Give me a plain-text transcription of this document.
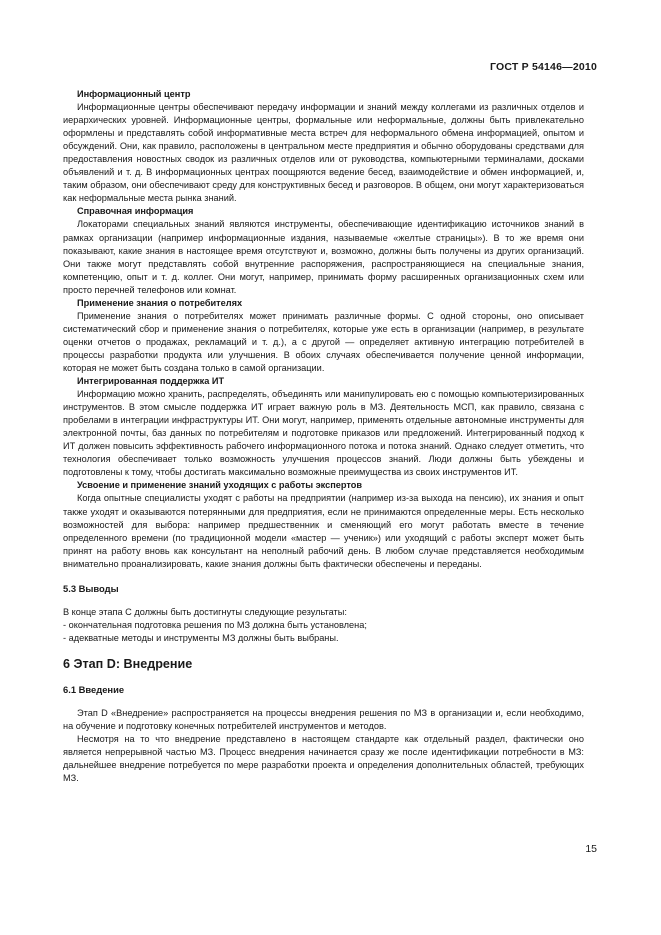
ГОСТ Р 54146—2010
Информационный центр

Информационные центры обеспечивают передачу информации и знаний между коллегами из различных отделов и иерархических уровней. Информационные центры, формальные или неформальные, должны быть привлекательно оформлены и представлять собой информативные места встреч для неформального обмена информацией, опытом и обсуждений. Они, как правило, расположены в центральном месте предприятия и обычно оборудованы средствами для предоставления новостных сводок из различных отделов или от руководства, компьютерными терминалами, досками объявлений и т. д. В информационных центрах поощряются ведение бесед, взаимодействие и обмен информацией, и, таким образом, они обеспечивают среду для конструктивных бесед и разговоров. В общем, они могут характеризоваться как неформальные места рынка знаний.

Справочная информация

Локаторами специальных знаний являются инструменты, обеспечивающие идентификацию источников знаний в рамках организации (например информационные издания, называемые «желтые страницы»). В то же время они показывают, какие знания в настоящее время отсутствуют и, возможно, должны быть получены из других организаций. Они также могут представлять собой внутренние распоряжения, распространяющиеся на специальные знания, компетенцию, опыт и т. д. коллег. Они могут, например, принимать форму расширенных организационных схем или просто перечней телефонов или комнат.

Применение знания о потребителях

Применение знания о потребителях может принимать различные формы. С одной стороны, оно описывает систематический сбор и применение знания о потребителях, которые уже есть в организации (например, в результате оценки отчетов о продажах, рекламаций и т. д.), а с другой — определяет активную интеграцию потребителей в процессы разработки продукта или улучшения. В обоих случаях обеспечивается получение ценной информации, которая не может быть создана только в самой организации.

Интегрированная поддержка ИТ

Информацию можно хранить, распределять, объединять или манипулировать ею с помощью компьютеризированных инструментов. В этом смысле поддержка ИТ играет важную роль в МЗ. Деятельность МСП, как правило, связана с пробелами в интеграции инфраструктуры ИТ. Они могут, например, применять отдельные автономные инструменты для электронной почты, баз данных по потребителям и подготовке приказов или предложений. Интегрированный подход к ИТ должен повысить эффективность рабочего информационного потока и потока знаний. Однако следует отметить, что технология обеспечивает только возможность улучшения процессов знаний. Люди должны быть убеждены и подготовлены к тому, чтобы достигать максимально возможные преимущества из своих инструментов ИТ.

Усвоение и применение знаний уходящих с работы экспертов

Когда опытные специалисты уходят с работы на предприятии (например из-за выхода на пенсию), их знания и опыт также уходят и оказываются потерянными для предприятия, если не принимаются определенные меры. Есть несколько возможностей для выбора: например предшественник и сменяющий его могут работать вместе в течение определенного времени (по традиционной модели «мастер — ученик») или уходящий с работы эксперт может быть принят на работу вновь как консультант на неполный рабочий день. В любом случае представляется необходимым внимательно проанализировать, какие знания должны быть фактически обеспечены и переданы.

5.3 Выводы

В конце этапа С должны быть достигнуты следующие результаты:

- окончательная подготовка решения по МЗ должна быть установлена;
- адекватные методы и инструменты МЗ должны быть выбраны.
6 Этап D: Внедрение
6.1 Введение

Этап D «Внедрение» распространяется на процессы внедрения решения по МЗ в организации и, если необходимо, на обучение и подготовку конечных потребителей инструментов и методов.

Несмотря на то что внедрение представлено в настоящем стандарте как отдельный раздел, фактически оно является непрерывной частью МЗ. Процесс внедрения начинается сразу же после идентификации потребности в МЗ: дальнейшее внедрение потребуется по мере разработки проекта и определения дополнительных областей, требующих МЗ.

15
